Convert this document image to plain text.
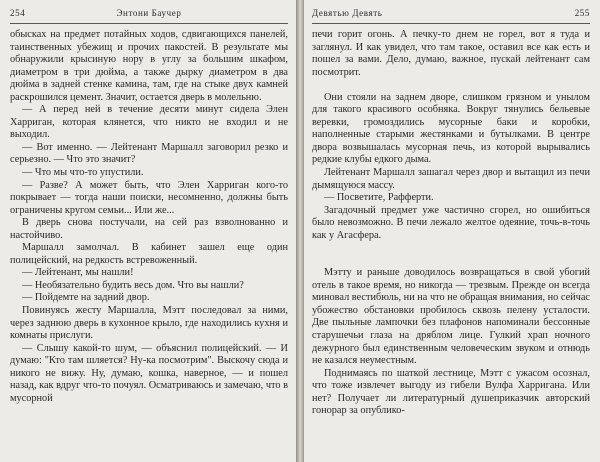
254	Энтони Баучер

обысках на предмет потайных ходов, сдвигающихся панелей, таинственных убежищ и прочих пакостей. В результате мы обнаружили крысиную нору в углу за большим шкафом, диаметром в три дюйма, а также дырку диаметром в два дюйма в задней стенке камина, там, где на стыке двух камней раскрошился цемент. Значит, остается дверь в молельню.

— А перед ней в течение десяти минут сидела Элен Харриган, которая клянется, что никто не входил и не выходил.

— Вот именно. — Лейтенант Маршалл заговорил резко и серьезно. — Что это значит?

— Что мы что-то упустили.

— Разве? А может быть, что Элен Харриган кого-то покрывает — тогда наши поиски, несомненно, должны быть ограничены кругом семьи... Или же...

В дверь снова постучали, на сей раз взволнованно и настойчиво.

Маршалл замолчал. В кабинет зашел еще один полицейский, на редкость встревоженный.

— Лейтенант, мы нашли!

— Необязательно будить весь дом. Что вы нашли?

— Пойдемте на задний двор.

Повинуясь жесту Маршалла, Мэтт последовал за ними, через заднюю дверь в кухонное крыло, где находились кухня и комнаты прислуги.

— Слышу какой-то шум, — объяснил полицейский. — И думаю: "Кто там шляется? Ну-ка посмотрим". Выскочу сюда и никого не вижу. Ну, думаю, кошка, наверное, — и пошел назад, как вдруг что-то почуял. Осматриваюсь и замечаю, что в мусорной

Девятью Девять	255

печи горит огонь. А печку-то днем не горел, вот я туда и заглянул. И как увидел, что там такое, оставил все как есть и пошел за вами. Дело, думаю, важное, пускай лейтенант сам посмотрит.

Они стояли на заднем дворе, слишком грязном и унылом для такого красивого особняка. Вокруг тянулись бельевые веревки, громоздились мусорные баки и коробки, наполненные старыми жестянками и бутылками. В центре двора возвышалась мусорная печь, из которой вырывались редкие клубы едкого дыма.

Лейтенант Маршалл зашагал через двор и вытащил из печи дымящуюся массу.

— Посветите, Рафферти.

Загадочный предмет уже частично сгорел, но ошибиться было невозможно. В печи лежало желтое одеяние, точь-в-точь как у Агасфера.

Мэтту и раньше доводилось возвращаться в свой убогий отель в такое время, но никогда — трезвым. Прежде он всегда миновал вестибюль, ни на что не обращая внимания, но сейчас убожество обстановки пробилось сквозь пелену усталости. Две пыльные лампочки без плафонов напоминали бессонные старушечьи глаза на дряблом лице. Гулкий храп ночного дежурного был единственным человеческим звуком и отнюдь не казался неуместным.

Поднимаясь по шаткой лестнице, Мэтт с ужасом осознал, что тоже извлечет выгоду из гибели Вулфа Харригана. Или нет? Получает ли литературный душеприказчик авторский гонорар за опублико-
